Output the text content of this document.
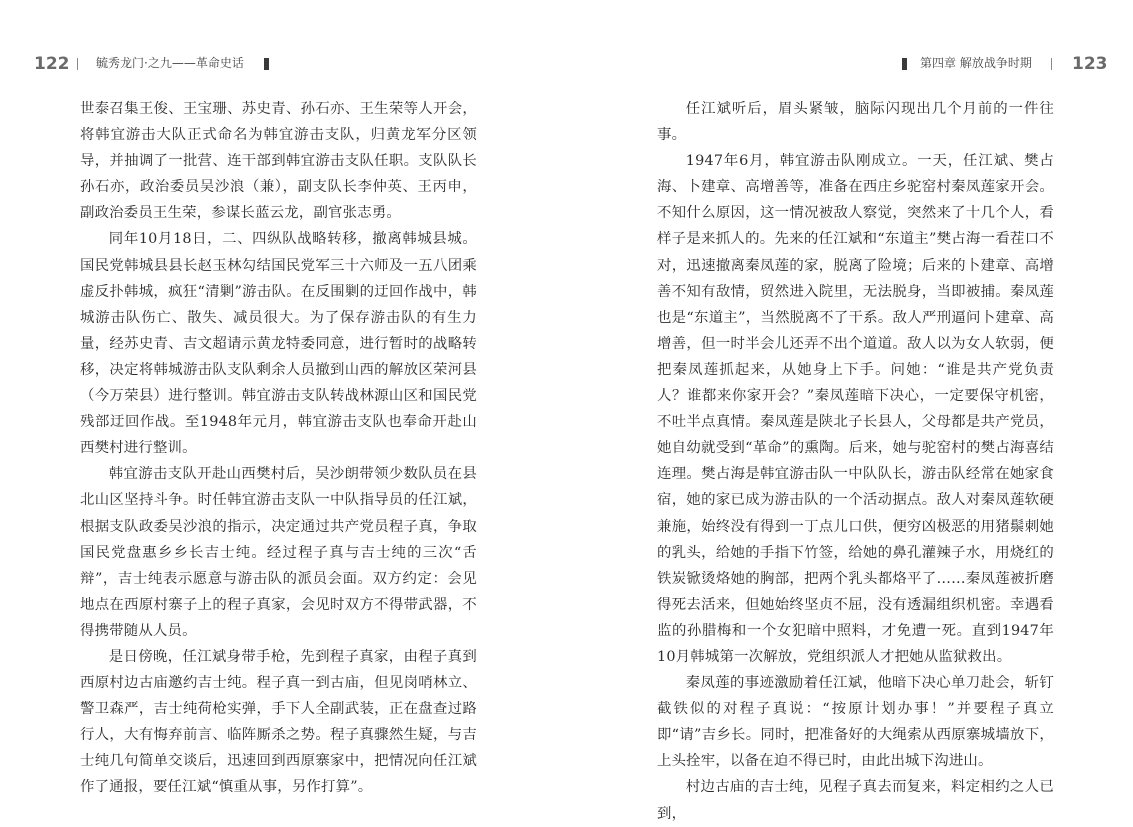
122 毓秀龙门·之九——革命史话

世泰召集王俊、王宝珊、苏史青、孙石亦、王生荣等人开会，将韩宜游击大队正式命名为韩宜游击支队，归黄龙军分区领导，并抽调了一批营、连干部到韩宜游击支队任职。支队队长孙石亦，政治委员吴沙浪（兼），副支队长李仲英、王丙申，副政治委员王生荣，参谋长蓝云龙，副官张志勇。

同年10月18日，二、四纵队战略转移，撤离韩城县城。国民党韩城县县长赵玉林勾结国民党军三十六师及一五八团乘虚反扑韩城，疯狂“清剿”游击队。在反围剿的迂回作战中，韩城游击队伤亡、散失、减员很大。为了保存游击队的有生力量，经苏史青、吉文超请示黄龙特委同意，进行暂时的战略转移，决定将韩城游击队支队剩余人员撤到山西的解放区荣河县（今万荣县）进行整训。韩宜游击支队转战林源山区和国民党残部迂回作战。至1948年元月，韩宜游击支队也奉命开赴山西樊村进行整训。

韩宜游击支队开赴山西樊村后，吴沙朗带领少数队员在县北山区坚持斗争。时任韩宜游击支队一中队指导员的任江斌，根据支队政委吴沙浪的指示，决定通过共产党员程子真，争取国民党盘惠乡乡长吉士纯。经过程子真与吉士纯的三次“舌辩”，吉士纯表示愿意与游击队的派员会面。双方约定：会见地点在西原村寨子上的程子真家，会见时双方不得带武器，不得携带随从人员。

是日傍晚，任江斌身带手枪，先到程子真家，由程子真到西原村边古庙邀约吉士纯。程子真一到古庙，但见岗哨林立、警卫森严，吉士纯荷枪实弹，手下人全副武装，正在盘查过路行人，大有悔弃前言、临阵厮杀之势。程子真骤然生疑，与吉士纯几句简单交谈后，迅速回到西原寨家中，把情况向任江斌作了通报，要任江斌“慎重从事，另作打算”。

第四章 解放战争时期 123

任江斌听后，眉头紧皱，脑际闪现出几个月前的一件往事。

1947年6月，韩宜游击队刚成立。一天，任江斌、樊占海、卜建章、高增善等，准备在西庄乡驼窑村秦凤莲家开会。不知什么原因，这一情况被敌人察觉，突然来了十几个人，看样子是来抓人的。先来的任江斌和“东道主”樊占海一看茬口不对，迅速撤离秦凤莲的家，脱离了险境；后来的卜建章、高增善不知有敌情，贸然进入院里，无法脱身，当即被捕。秦凤莲也是“东道主”，当然脱离不了干系。敌人严刑逼问卜建章、高增善，但一时半会儿还弄不出个道道。敌人以为女人软弱，便把秦凤莲抓起来，从她身上下手。问她：“谁是共产党负责人？谁都来你家开会？”秦凤莲暗下决心，一定要保守机密，不吐半点真情。秦凤莲是陕北子长县人，父母都是共产党员，她自幼就受到“革命”的熏陶。后来，她与驼窑村的樊占海喜结连理。樊占海是韩宜游击队一中队队长，游击队经常在她家食宿，她的家已成为游击队的一个活动据点。敌人对秦凤莲软硬兼施，始终没有得到一丁点儿口供，便穷凶极恶的用猪鬃刺她的乳头，给她的手指下竹签，给她的鼻孔灌辣子水，用烧红的铁炭锨烫烙她的胸部，把两个乳头都烙平了……秦凤莲被折磨得死去活来，但她始终坚贞不屈，没有透漏组织机密。幸遇看监的孙腊梅和一个女犯暗中照料，才免遭一死。直到1947年10月韩城第一次解放，党组织派人才把她从监狱救出。

秦凤莲的事迹激励着任江斌，他暗下决心单刀赴会，斩钉截铁似的对程子真说：“按原计划办事！”并要程子真立即“请”吉乡长。同时，把准备好的大绳索从西原寨城墙放下，上头拴牢，以备在迫不得已时，由此出城下沟进山。

村边古庙的吉士纯，见程子真去而复来，料定相约之人已到，
